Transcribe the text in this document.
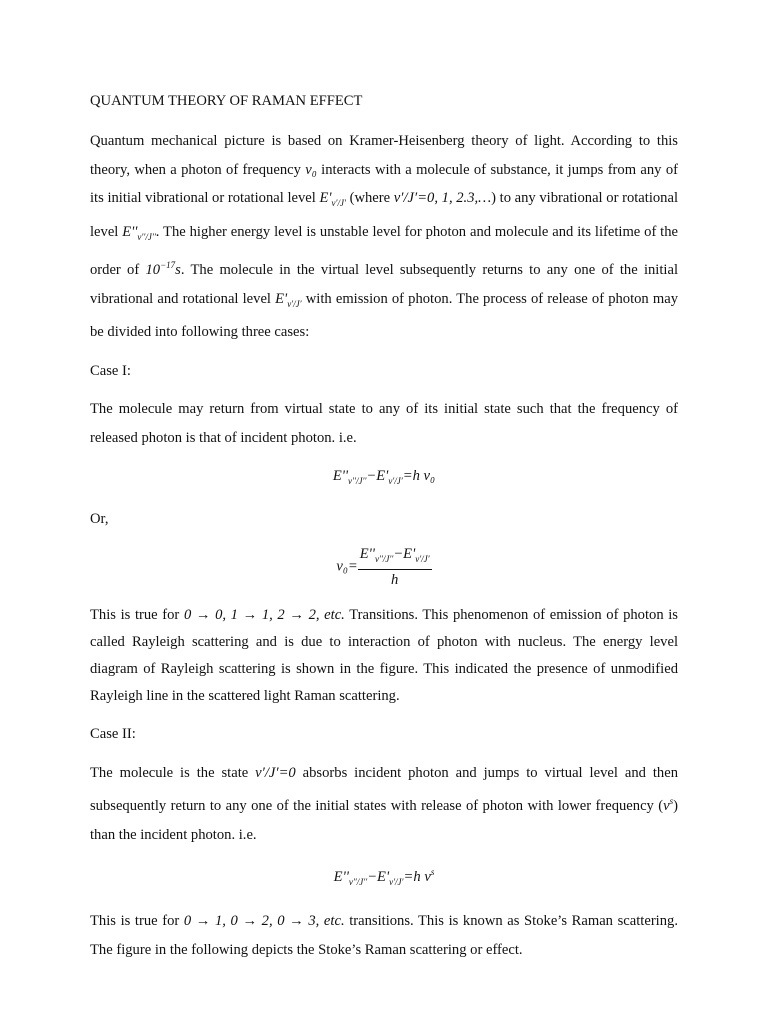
QUANTUM THEORY OF RAMAN EFFECT

Quantum mechanical picture is based on Kramer-Heisenberg theory of light. According to this theory, when a photon of frequency v₀ interacts with a molecule of substance, it jumps from any of its initial vibrational or rotational level $E'_{v'/J'}$ (where v′/J′=0, 1, 2.3,…) to any vibrational or rotational level $E''_{v''/J''}$. The higher energy level is unstable level for photon and molecule and its lifetime of the order of $10^{-17}s$. The molecule in the virtual level subsequently returns to any one of the initial vibrational and rotational level $E'_{v'/J'}$ with emission of photon. The process of release of photon may be divided into following three cases:

Case I:

The molecule may return from virtual state to any of its initial state such that the frequency of released photon is that of incident photon. i.e.

$E''_{v''/J''}-E'_{v'/J'}=h$ v₀

Or,

$v_0= \frac{E''_{v''/J''}-E'_{v'/J'}}{h}$

This is true for 0 → 0, 1 → 1, 2 → 2, etc. Transitions. This phenomenon of emission of photon is called Rayleigh scattering and is due to interaction of photon with nucleus. The energy level diagram of Rayleigh scattering is shown in the figure. This indicated the presence of unmodified Rayleigh line in the scattered light Raman scattering.

Case II:

The molecule is the state v′/J′=0 absorbs incident photon and jumps to virtual level and then subsequently return to any one of the initial states with release of photon with lower frequency $(v^s)$ than the incident photon. i.e.

$E''_{v''/J''}-E'_{v'/J'}=h$ $v^s$

This is true for 0 → 1, 0 → 2, 0 → 3, etc. transitions. This is known as Stoke’s Raman scattering. The figure in the following depicts the Stoke’s Raman scattering or effect.
